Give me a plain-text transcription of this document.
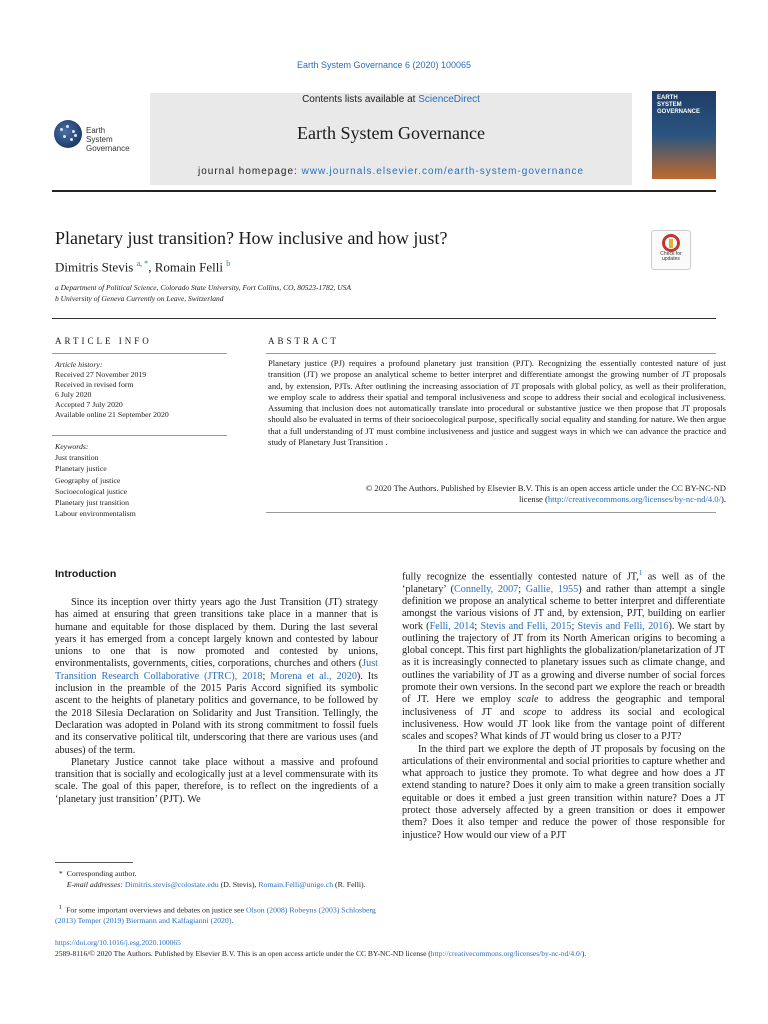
Earth System Governance 6 (2020) 100065
Earth
System
Governance
Contents lists available at ScienceDirect
Earth System Governance
journal homepage: www.journals.elsevier.com/earth-system-governance
EARTH
SYSTEM
GOVERNANCE
Planetary just transition? How inclusive and how just?
Check for
updates
Dimitris Stevis $^{a, *}$, Romain Felli $^b$
a Department of Political Science, Colorado State University, Fort Collins, CO, 80523-1782, USA
b University of Geneva Currently on Leave, Switzerland
ARTICLE INFO	ABSTRACT
Article history:
Received 27 November 2019
Received in revised form
6 July 2020
Accepted 7 July 2020
Available online 21 September 2020
Keywords:
Just transition
Planetary justice
Geography of justice
Socioecological justice
Planetary just transition
Labour environmentalism
Planetary justice (PJ) requires a profound planetary just transition (PJT). Recognizing the essentially contested nature of just transition (JT) we propose an analytical scheme to better interpret and differentiate amongst the growing number of JT proposals and, by extension, PJTs. After outlining the increasing association of JT proposals with global policy, as well as their proliferation, we employ scale to address their spatial and temporal inclusiveness and scope to address their social and ecological inclusiveness. Assuming that inclusion does not automatically translate into procedural or substantive justice we then propose that JT proposals should also be evaluated in terms of their socioecological purpose, specifically social equality and standing for nature. We then argue that a full understanding of JT must combine inclusiveness and justice and suggest ways in which we can advance the practice and study of Planetary Just Transition .
© 2020 The Authors. Published by Elsevier B.V. This is an open access article under the CC BY-NC-ND
license (http://creativecommons.org/licenses/by-nc-nd/4.0/).
Introduction

Since its inception over thirty years ago the Just Transition (JT) strategy has aimed at ensuring that green transitions take place in a manner that is humane and equitable for those displaced by them. During the last several years it has emerged from a concept largely known and contested by labour unions to one that is now promoted and contested by unions, environmentalists, governments, cities, corporations, churches and others (Just Transition Research Collaborative (JTRC), 2018; Morena et al., 2020). Its inclusion in the preamble of the 2015 Paris Accord signified its symbolic ascent to the heights of planetary politics and governance, to be followed by the 2018 Silesia Declaration on Solidarity and Just Transition. Tellingly, the Declaration was adopted in Poland with its strong commitment to fossil fuels and its conservative political tilt, underscoring that there are various uses (and abuses) of the term.

Planetary Justice cannot take place without a massive and profound transition that is socially and ecologically just at a level commensurate with its scale. The goal of this paper, therefore, is to reflect on the ingredients of a ‘planetary just transition’ (PJT). We

fully recognize the essentially contested nature of JT,$^1$ as well as of the ‘planetary’ (Connelly, 2007; Gallie, 1955) and rather than attempt a single definition we propose an analytical scheme to better interpret and differentiate amongst the various visions of JT and, by extension, PJT, building on earlier work (Felli, 2014; Stevis and Felli, 2015; Stevis and Felli, 2016). We start by outlining the trajectory of JT from its North American origins to becoming a global concept. This first part highlights the globalization/planetarization of JT as it is increasingly connected to planetary issues such as climate change, and outlines the variability of JT as a growing and diverse number of social forces promote their own versions. In the second part we explore the reach or breadth of JT. Here we employ scale to address the geographic and temporal inclusiveness of JT and scope to address its social and ecological inclusiveness. How would JT look like from the vantage point of different scales and scopes? What kinds of JT would bring us closer to a PJT?

In the third part we explore the depth of JT proposals by focusing on the articulations of their environmental and social priorities to capture whether and what approach to justice they promote. To what degree and how does a JT extend standing to nature? Does it only aim to make a green transition socially equitable or does it embed a just green transition within nature? Does a JT protect those adversely affected by a green transition or does it empower them? Does it also temper and reduce the power of those responsible for injustice? How would our view of a PJT

* Corresponding author.
E-mail addresses: Dimitris.stevis@colostate.edu (D. Stevis), Romain.Felli@unige.ch (R. Felli).
$^1$ For some important overviews and debates on justice see Olson (2008) Robeyns (2003) Schlosberg (2013) Temper (2019) Biermann and Kalfagianni (2020).
https://doi.org/10.1016/j.esg.2020.100065
2589-8116/© 2020 The Authors. Published by Elsevier B.V. This is an open access article under the CC BY-NC-ND license (http://creativecommons.org/licenses/by-nc-nd/4.0/).
